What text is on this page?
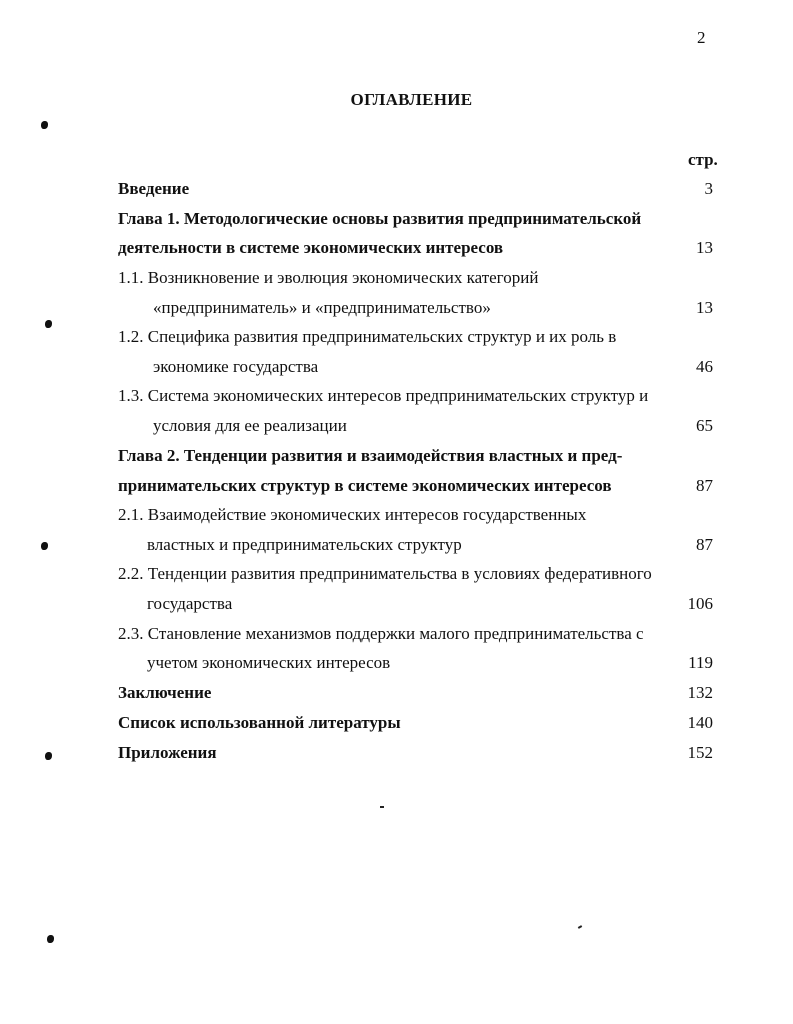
2
ОГЛАВЛЕНИЕ
стр.
Введение	3
Глава 1. Методологические основы развития предпринимательской
деятельности в системе экономических интересов	13
1.1. Возникновение и эволюция экономических категорий
«предприниматель» и «предпринимательство»	13
1.2. Специфика развития предпринимательских структур и их роль в
экономике государства	46
1.3. Система экономических интересов предпринимательских структур и
условия для ее реализации	65
Глава 2. Тенденции развития и взаимодействия властных и пред-
принимательских структур в системе экономических интересов	87
2.1. Взаимодействие экономических интересов государственных
властных и предпринимательских структур	87
2.2. Тенденции развития предпринимательства в условиях федеративного
государства	106
2.3. Становление механизмов поддержки малого предпринимательства с
учетом экономических интересов	119
Заключение	132
Список использованной литературы	140
Приложения	152
